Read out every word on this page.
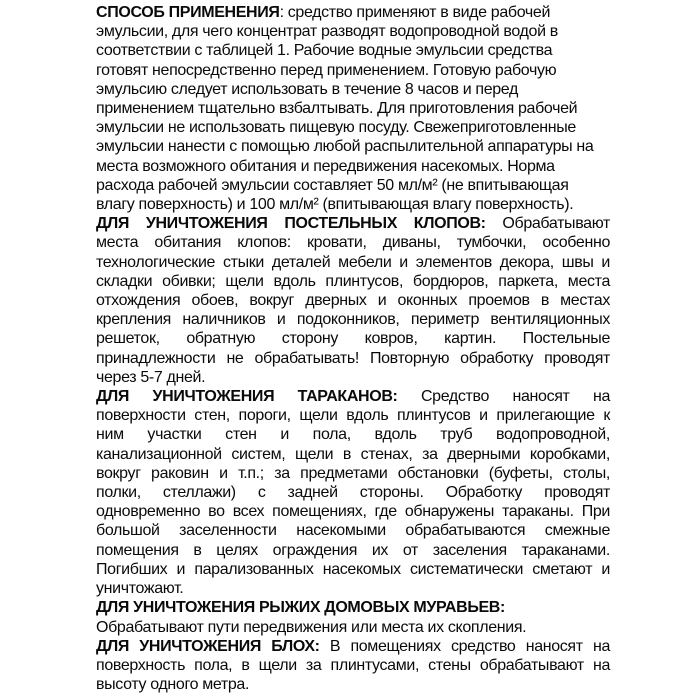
СПОСОБ ПРИМЕНЕНИЯ: средство применяют в виде рабочей
эмульсии, для чего концентрат разводят водопроводной водой в
соответствии с таблицей 1. Рабочие водные эмульсии средства
готовят непосредственно перед применением. Готовую рабочую
эмульсию следует использовать в течение 8 часов и перед
применением тщательно взбалтывать. Для приготовления рабочей
эмульсии не использовать пищевую посуду. Свежеприготовленные
эмульсии нанести с помощью любой распылительной аппаратуры на
места возможного обитания и передвижения насекомых. Норма
расхода рабочей эмульсии составляет 50 мл/м² (не впитывающая
влагу поверхность) и 100 мл/м² (впитывающая влагу поверхность).
ДЛЯ УНИЧТОЖЕНИЯ ПОСТЕЛЬНЫХ КЛОПОВ: Обрабатывают
места обитания клопов: кровати, диваны, тумбочки, особенно
технологические стыки деталей мебели и элементов декора, швы и
складки обивки; щели вдоль плинтусов, бордюров, паркета, места
отхождения обоев, вокруг дверных и оконных проемов в местах
крепления наличников и подоконников, периметр вентиляционных
решеток, обратную сторону ковров, картин. Постельные
принадлежности не обрабатывать! Повторную обработку проводят
через 5-7 дней.
ДЛЯ УНИЧТОЖЕНИЯ ТАРАКАНОВ: Средство наносят на
поверхности стен, пороги, щели вдоль плинтусов и прилегающие к
ним участки стен и пола, вдоль труб водопроводной,
канализационной систем, щели в стенах, за дверными коробками,
вокруг раковин и т.п.; за предметами обстановки (буфеты, столы,
полки, стеллажи) с задней стороны. Обработку проводят
одновременно во всех помещениях, где обнаружены тараканы. При
большой заселенности насекомыми обрабатываются смежные
помещения в целях ограждения их от заселения тараканами.
Погибших и парализованных насекомых систематически сметают и
уничтожают.
ДЛЯ УНИЧТОЖЕНИЯ РЫЖИХ ДОМОВЫХ МУРАВЬЕВ:
Обрабатывают пути передвижения или места их скопления.
ДЛЯ УНИЧТОЖЕНИЯ БЛОХ: В помещениях средство наносят на
поверхность пола, в щели за плинтусами, стены обрабатывают на
высоту одного метра.
